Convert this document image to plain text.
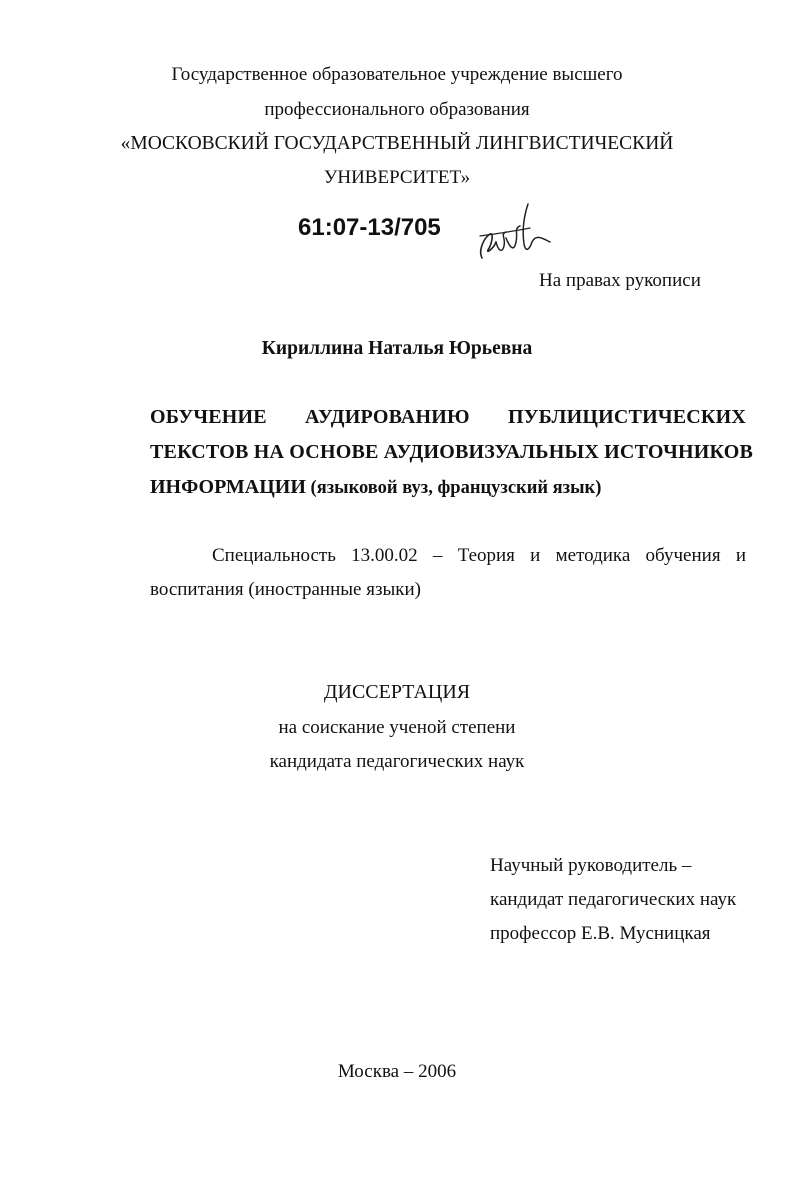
Государственное образовательное учреждение высшего
профессионального образования
«МОСКОВСКИЙ ГОСУДАРСТВЕННЫЙ ЛИНГВИСТИЧЕСКИЙ
УНИВЕРСИТЕТ»
61:07-13/705
На правах рукописи
Кириллина Наталья Юрьевна
ОБУЧЕНИЕ АУДИРОВАНИЮ ПУБЛИЦИСТИЧЕСКИХ
ТЕКСТОВ НА ОСНОВЕ АУДИОВИЗУАЛЬНЫХ ИСТОЧНИКОВ
ИНФОРМАЦИИ (языковой вуз, французский язык)
Специальность 13.00.02 – Теория и методика обучения и
воспитания (иностранные языки)
ДИССЕРТАЦИЯ
на соискание ученой степени
кандидата педагогических наук
Научный руководитель –
кандидат педагогических наук
профессор Е.В. Мусницкая
Москва – 2006
